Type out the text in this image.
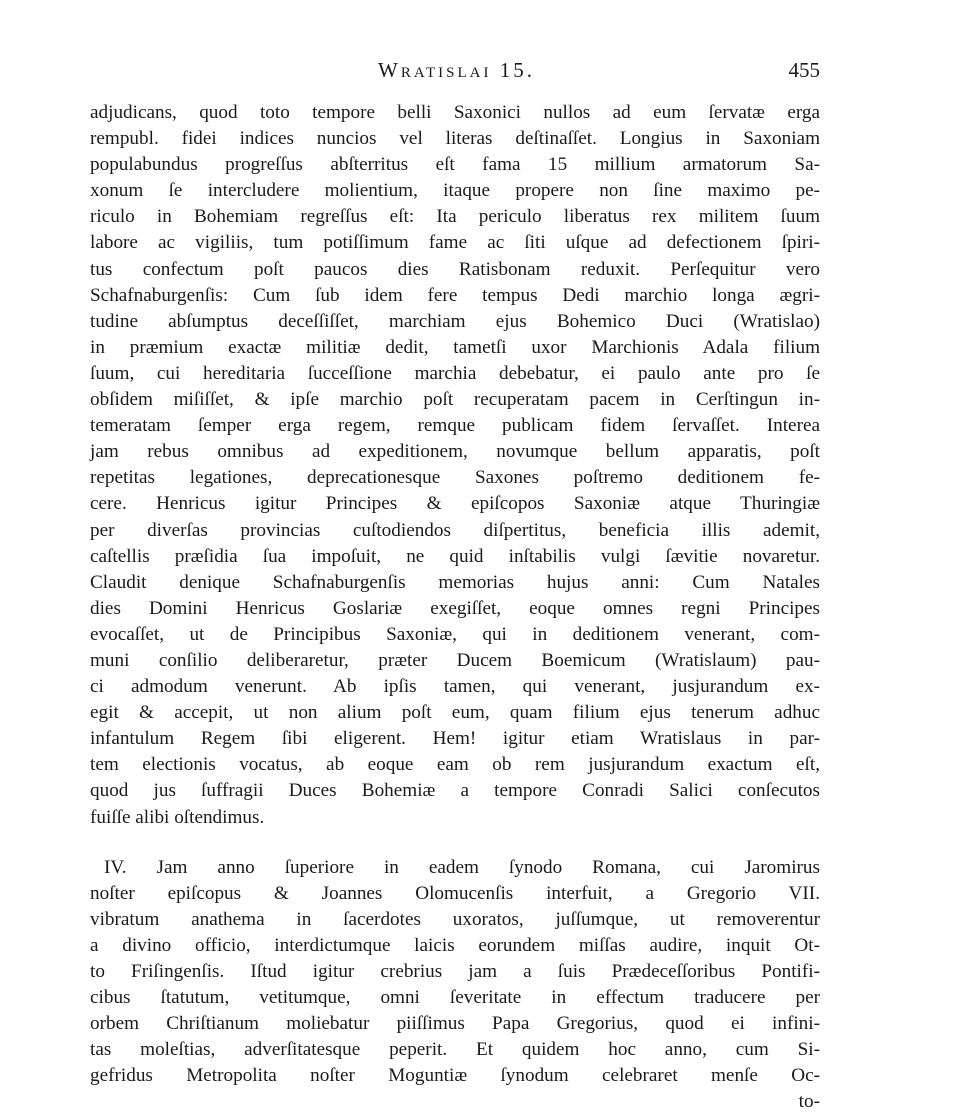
Wratislai 15.	455
adjudicans, quod toto tempore belli Saxonici nullos ad eum ſervatæ erga
rempubl. fidei indices nuncios vel literas deſtinaſſet. Longius in Saxoniam
populabundus progreſſus abſterritus eſt fama 15 millium armatorum Sa-
xonum ſe intercludere molientium, itaque propere non ſine maximo pe-
riculo in Bohemiam regreſſus eſt: Ita periculo liberatus rex militem ſuum
labore ac vigiliis, tum potiſſimum fame ac ſiti uſque ad defectionem ſpiri-
tus confectum poſt paucos dies Ratisbonam reduxit. Perſequitur vero
Schafnaburgenſis: Cum ſub idem fere tempus Dedi marchio longa ægri-
tudine abſumptus deceſſiſſet, marchiam ejus Bohemico Duci (Wratislao)
in præmium exactæ militiæ dedit, tametſi uxor Marchionis Adala filium
ſuum, cui hereditaria ſucceſſione marchia debebatur, ei paulo ante pro ſe
obſidem miſiſſet, & ipſe marchio poſt recuperatam pacem in Cerſtingun in-
temeratam ſemper erga regem, remque publicam fidem ſervaſſet. Interea
jam rebus omnibus ad expeditionem, novumque bellum apparatis, poſt
repetitas legationes, deprecationesque Saxones poſtremo deditionem fe-
cere. Henricus igitur Principes & epiſcopos Saxoniæ atque Thuringiæ
per diverſas provincias cuſtodiendos diſpertitus, beneficia illis ademit,
caſtellis præſidia ſua impoſuit, ne quid inſtabilis vulgi ſævitie novaretur.
Claudit denique Schafnaburgenſis memorias hujus anni: Cum Natales
dies Domini Henricus Goslariæ exegiſſet, eoque omnes regni Principes
evocaſſet, ut de Principibus Saxoniæ, qui in deditionem venerant, com-
muni conſilio deliberaretur, præter Ducem Boemicum (Wratislaum) pau-
ci admodum venerunt. Ab ipſis tamen, qui venerant, jusjurandum ex-
egit & accepit, ut non alium poſt eum, quam filium ejus tenerum adhuc
infantulum Regem ſibi eligerent. Hem! igitur etiam Wratislaus in par-
tem electionis vocatus, ab eoque eam ob rem jusjurandum exactum eſt,
quod jus ſuffragii Duces Bohemiæ a tempore Conradi Salici conſecutos
fuiſſe alibi oſtendimus.
IV. Jam anno ſuperiore in eadem ſynodo Romana, cui Jaromirus
noſter epiſcopus & Joannes Olomucenſis interfuit, a Gregorio VII.
vibratum anathema in ſacerdotes uxoratos, juſſumque, ut removerentur
a divino officio, interdictumque laicis eorundem miſſas audire, inquit Ot-
to Friſingenſis. Iſtud igitur crebrius jam a ſuis Prædeceſſoribus Pontifi-
cibus ſtatutum, vetitumque, omni ſeveritate in effectum traducere per
orbem Chriſtianum moliebatur piiſſimus Papa Gregorius, quod ei infini-
tas moleſtias, adverſitatesque peperit. Et quidem hoc anno, cum Si-
gefridus Metropolita noſter Moguntiæ ſynodum celebraret menſe Oc-
to-
